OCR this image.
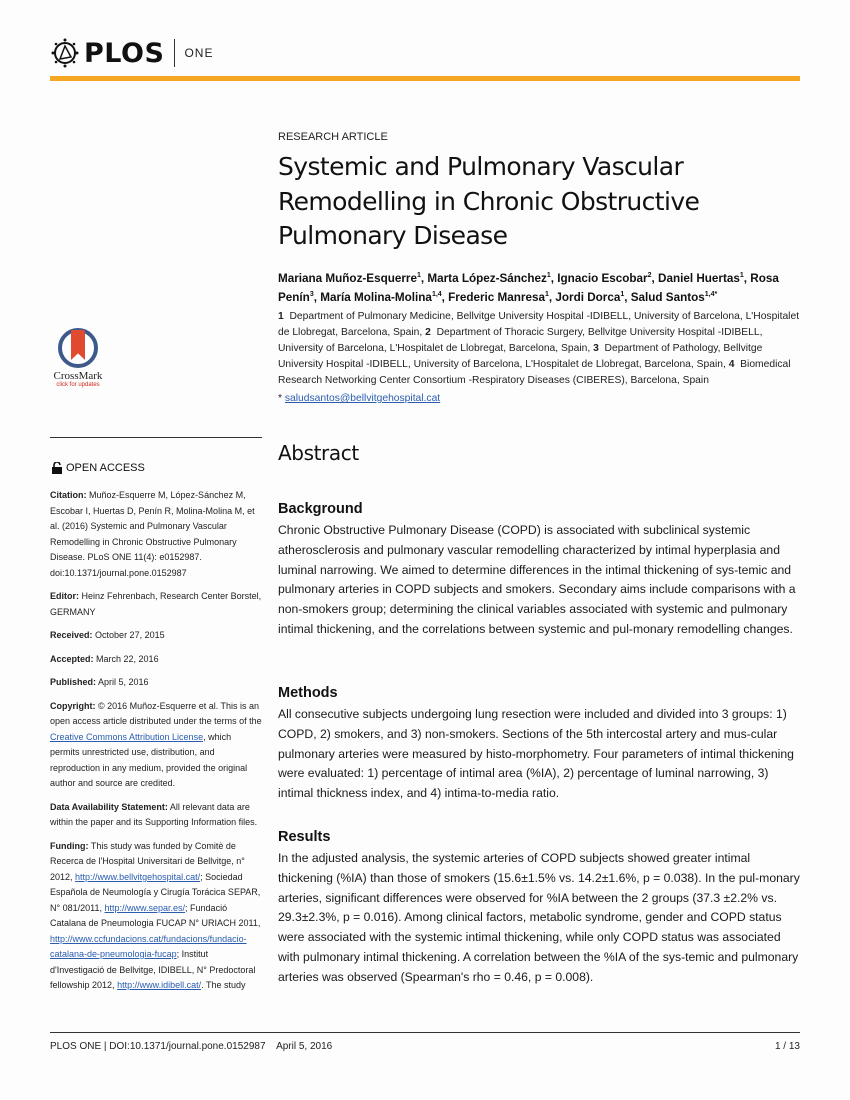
PLOS ONE
RESEARCH ARTICLE
Systemic and Pulmonary Vascular Remodelling in Chronic Obstructive Pulmonary Disease
Mariana Muñoz-Esquerre$^1$, Marta López-Sánchez$^1$, Ignacio Escobar$^2$, Daniel Huertas$^1$, Rosa Penín$^3$, María Molina-Molina$^{1,4}$, Frederic Manresa$^1$, Jordi Dorca$^1$, Salud Santos$^{1,4*}$
1 Department of Pulmonary Medicine, Bellvitge University Hospital -IDIBELL, University of Barcelona, L'Hospitalet de Llobregat, Barcelona, Spain, 2 Department of Thoracic Surgery, Bellvitge University Hospital -IDIBELL, University of Barcelona, L'Hospitalet de Llobregat, Barcelona, Spain, 3 Department of Pathology, Bellvitge University Hospital -IDIBELL, University of Barcelona, L'Hospitalet de Llobregat, Barcelona, Spain, 4 Biomedical Research Networking Center Consortium -Respiratory Diseases (CIBERES), Barcelona, Spain
* saludsantos@bellvitgehospital.cat
CrossMark
click for updates
OPEN ACCESS

Citation: Muñoz-Esquerre M, López-Sánchez M, Escobar I, Huertas D, Penín R, Molina-Molina M, et al. (2016) Systemic and Pulmonary Vascular Remodelling in Chronic Obstructive Pulmonary Disease. PLoS ONE 11(4): e0152987. doi:10.1371/journal.pone.0152987

Editor: Heinz Fehrenbach, Research Center Borstel, GERMANY

Received: October 27, 2015

Accepted: March 22, 2016

Published: April 5, 2016

Copyright: © 2016 Muñoz-Esquerre et al. This is an open access article distributed under the terms of the Creative Commons Attribution License, which permits unrestricted use, distribution, and reproduction in any medium, provided the original author and source are credited.

Data Availability Statement: All relevant data are within the paper and its Supporting Information files.

Funding: This study was funded by Comitè de Recerca de l'Hospital Universitari de Bellvitge, n° 2012, http://www.bellvitgehospital.cat/; Sociedad Española de Neumología y Cirugía Torácica SEPAR, N° 081/2011, http://www.separ.es/; Fundació Catalana de Pneumologia FUCAP N° URIACH 2011, http://www.ccfundacions.cat/fundacions/fundacio-catalana-de-pneumologia-fucap; Institut d'Investigació de Bellvitge, IDIBELL, N° Predoctoral fellowship 2012, http://www.idibell.cat/. The study

Abstract
Background

Chronic Obstructive Pulmonary Disease (COPD) is associated with subclinical systemic atherosclerosis and pulmonary vascular remodelling characterized by intimal hyperplasia and luminal narrowing. We aimed to determine differences in the intimal thickening of sys-temic and pulmonary arteries in COPD subjects and smokers. Secondary aims include comparisons with a non-smokers group; determining the clinical variables associated with systemic and pulmonary intimal thickening, and the correlations between systemic and pul-monary remodelling changes.

Methods

All consecutive subjects undergoing lung resection were included and divided into 3 groups: 1) COPD, 2) smokers, and 3) non-smokers. Sections of the 5th intercostal artery and mus-cular pulmonary arteries were measured by histo-morphometry. Four parameters of intimal thickening were evaluated: 1) percentage of intimal area (%IA), 2) percentage of luminal narrowing, 3) intimal thickness index, and 4) intima-to-media ratio.

Results

In the adjusted analysis, the systemic arteries of COPD subjects showed greater intimal thickening (%IA) than those of smokers (15.6±1.5% vs. 14.2±1.6%, p = 0.038). In the pul-monary arteries, significant differences were observed for %IA between the 2 groups (37.3 ±2.2% vs. 29.3±2.3%, p = 0.016). Among clinical factors, metabolic syndrome, gender and COPD status were associated with the systemic intimal thickening, while only COPD status was associated with pulmonary intimal thickening. A correlation between the %IA of the sys-temic and pulmonary arteries was observed (Spearman's rho = 0.46, p = 0.008).

PLOS ONE | DOI:10.1371/journal.pone.0152987    April 5, 2016	1 / 13
